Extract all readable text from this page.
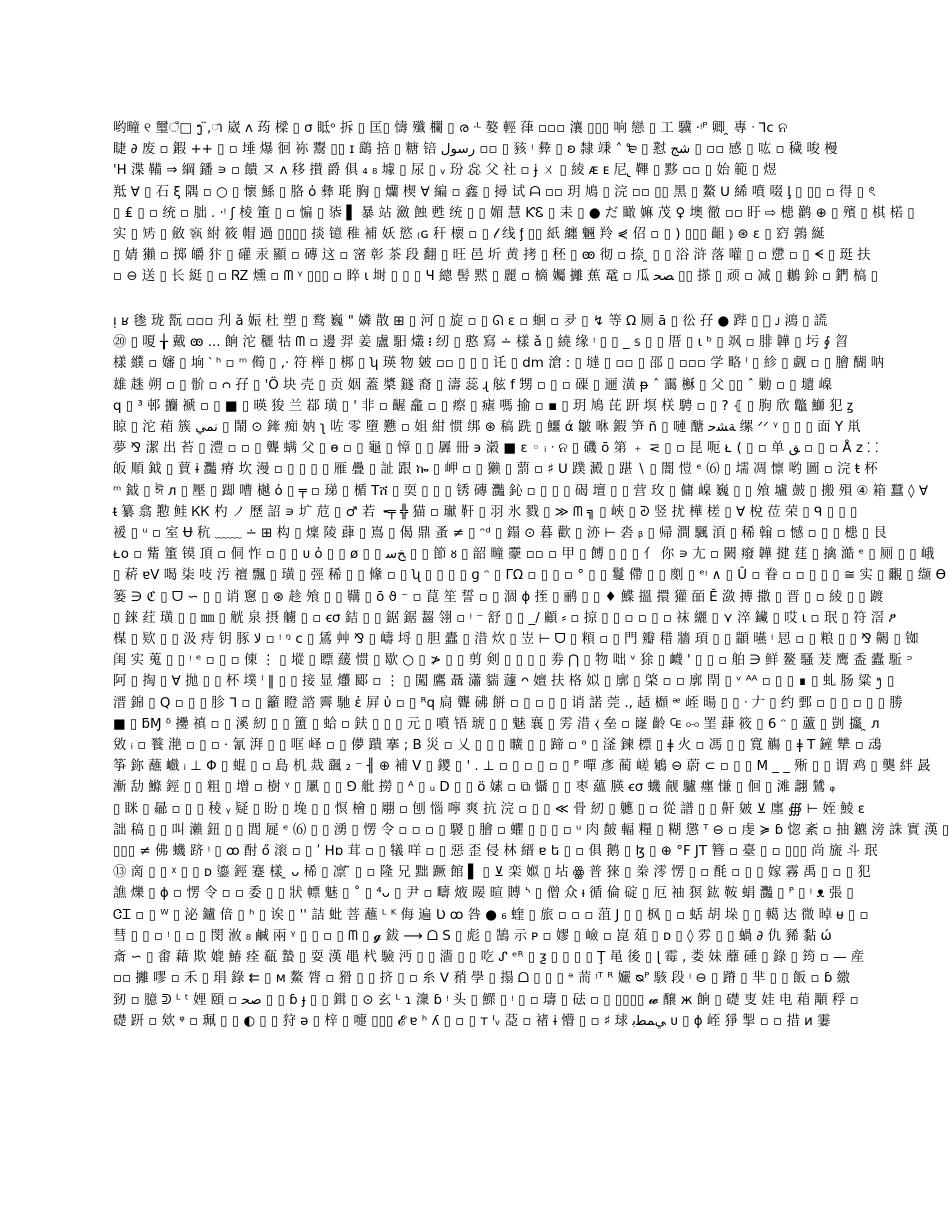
哟疃 ୧ 璽ਁ□ ງ ̈,ា 崴 ʌ 荺 樑 ▯ σ 眡ᵒ 拆 ▯ 匡▯ 懤 殲 欄 ▯ ര ᐧᴸ 嫯 輕 葎 ▫▫▫ 瀼 ▯▯▯ 响 戀 ▯ 工 驥 ·ᵎᴾ 卿 ̯ 專 ᐧ ⅂ϲ ନ
睫 ∂ 废 ▫ 鍜 ++ ▯ ▫ 埵 爆 徊 袮 鬻 ▯▯ ɪ 鷂 掊 ▯ 糖 锫 رسول ▫▫ ▯ 豥 ᵎ 彜 ▯ ʚ 隸 𥪕 ˄ ₻ ▯ 懟 ﺷﺞ ▯ ▫▫ 感 ▯ 吰 ▫ 穢 唆 槾
'H 渫 鞴 ⇒ 綱 鐇 ∍ ▫ 饋 ヌ ʌ 移 攅 爵 俱 ₄ ₈ 壉 ▯ 尿 ▯ ᵥ 玢 惢 父 社 ▫ ɉ ㄨ ▯ 綾 ᴁ ᴇ 尼 ̢ 鞸 ▯ 黟 ▫▫ ▯ 始 範 ▯ 煜
羝 ∀ ▯ 石 ξ 隅 ▫ ○ ▯ 懷 鯀 ▯ 胳 ὀ 彝 毦 胸 ▯ 爤 楔 ∀ 編 ▫ 鑫 ▯ 撏 试 ᗩ ▫▫ 玥 鳩 ▯ 浣 ▫▫ ▯▯ 黑 ▯ 鰲 ᑌ 絺 噴 啜 ᶅ ▯ ▯▯ ▫ 得 ▯ ৎ
▯ ₤ ▯ ▫ 统 ▫ 朏 . ·ᵎ ʃ 棱 箽 ▯ ▫ 惼 ▯ 㓒 ▌ 暴 站 瀲 蝕 甦 统 ▯ ▯ 媚 慧 ƘᏋ ▯ 耒 ▯ ● だ 瞰 嫲 茂 ♀ 墺 徹 ▫▫ 盱 ⇨ 槵 鹳 ⊕ ▯ 殯 ▯ 棋 楉 ▯
实 ▯ 𥏁 ▯ 斂 𡪐 紨 筱 帽 過 ▯▯▯▯ 掞 镱 稚 補 妖 慾 ₍ɢ 秆 櫰 ▫ ▯ 𝓁 线 ᶂ ▯▯ 紙 纏 魎 羚 ⋞ 佋 ▫ ▯ ) ▯▯▯ 齟 ⦆ ⊛ ɛ ▯ 𥥆 鶉 綖
▯ 婧 獺 ▫ 掷 皭 犿 ▯ 礶 汞 顯 ▫ 磚 这 ▫ 宻 彰 茶 段 翻 ▯ 旺 邑 圻 黄 拷 ▯ 秠 ▯ ꙭ 彻 ▫ 捺 ̯ ▯ ▯ 浴 浒 落 嚾 ▯ ▫ 懘 ▫ ▯ ᗕ ▯ 珽 扶
▫ ⊖ 送 ▯ 长 綎 ▯ ▫ ᏒᏃ 燻 ▫ ᗰ ᵞ ▯▯▯ ▫ 睟 ɩ 埘 ▯ ▯ ▯ Ч 總 髻 黙 ▯ 麗 ▫ 樀 孎 攡 蕉 鼋 ▫ 瓜 ﺼﺤ ▯▯ 搽 ▯ 顽 ▫ 减 ▯ 鶒 鉩 ▫ 鍆 槁 ▯
ᴉ ʁ 毶 珑 翫 ▫▫▫ 刋 ǎ 娠 杜 塑 ▯ 鹜 巍 " 嫾 散 ⊞ ▯ 河 ▯ 旋 ▫ ▯ ᘏ ε ▫ 蛔 ▫ 夛 ▯ ↯ 等 Ω 厕 ā ▯ 彸 孖 ● 跸 ▯ 𣏎 ᴊ 鴻 ▯ 謊
⑳ ▯ 嗄 ╁ 戴 ꙭ ... 餉 沱 穲 牯 ᗰ ▫ 邊 羿 姜 盧 馹 爜 ᎒ 纫 ▯ 憨 寫 ∸ 樣 ǎ ▯ 繞 缘 ᵎ ▯ ▯ _ 𝕤 ▯ ▯ 厝 ▯ ɩ ᵇ ▯ 飒 ▫ 腓 韡 ▯ 圬 ∮ 㫚
樣 纀 ▫ 嬸 ▯ 垧 ‵ ʰ ▫ ᵐ 㒐 ▯ ,· 符 榉 ▯ 梆 ▯ ʮ 瑛 物 皴 ▫▫ ▯ ▯ ▯ 讬 ▯ dm 滄 : ▯ 墶 ▯ ▫▫ ▯ 邵 ▯ ▫▫▫ 学 略 ˡ ▯ 紾 ▯ 觑 ▫ ▯ 膾 醐 呐
雄 趎 朔 ▫ ▯ 骱 ▫ ᴒ 孖 ▯ 'Ö 块 壳 ▯ 贡 姻 蓋 槳 鐩 裔 ▯ 濤 蕊 ɻ 舷 f 甥 ▫ ▯ ▫ 磲 ▯ 逦 潢 ᵽ ˆ 靄 櫯 ▯ 父 ▯▯ ˆ 勦 ▫ ▯ 壝 嵲
q ▯ ³ 邨 攟 褫 ▫ ▯ ■ ▯ 暎 狻 兰 鄀 璜 ▯ ' 非 ▫ 齷 龕 ▫ ▯ 瘵 ▯ 瘧 嗎 揄 ▫ ▪ ▯ 玥 鳩 芘 趼 塓 栚 騁 ▫ ▯ ? ⦃ ▯ 朐 欣 鼈 鰤 犯 ꙁ
䁁 ▯ 沱 葙 簇 نمي ▯ 鬧 ⊙ 鏲 痴 妠 ʅ 咗 零 墮 戁 ▫ 姐 紺 惯 绑 ⊛ 稿 跣 ▯ 鱷 ά 皺 咻 鍜 笋 ñ ▯ 嗹 醣 ﺔﺸﺣ 缧 ᐟᐟ ᵞ ▯ ▯ ▯ 面 Y 鼡
夢 ⅋ 潔 出 苔 ▯ 澧 ▫ ▫ ▯ 聾 螨 父 ▯ ɵ ▫ ▯ 龜 ▯ 慞 ▯ ▯ 羼 冊 ϶ 濲 ■ ε ◦ ᵢ ᐧ ନ ▯ 磯 ō 第 ﹢ ⋜ ▯ ▫ 昆 呃 ᴌ ( ▯ ▫ 单 ﻖ ▫ ▯ ▫ Å z ⸬
皈 順 鉞 ▯ 蕒 ɨ 灩 瘠 坎 漫 ▫ ▯ ▯ ▯ ▯ 雁 疊 ▯ 訨 跟 ኰ ▯ 岬 ▫ ▯ 獭 ▯ 藅 ▫ ♯ ᑌ 蹼 澱 ▯ 踸 ∖ ▯ 闇 愷 ᵉ ⑹ ▯ 壖 凋 懔 哟 圖 ▫ 浣 ŧ 杯
ᵐ 鉞 ▯ ঈ ᴫ ▯ 壓 ▯ 踋 嘈 樾 ὀ ▯ ╤ ▫ 珶 ▯ 楯 Tሸ ▯ 耎 ▯ ▯ ▯ 锈 磚 灩 鈊 ▫ ▯ ▯ ▯ 碣 壇 ▯ ▯ 营 玫 ▯ 傭 嵲 巍 ▯ ▯ 飧 壚 皷 ▯ 搬 殞 ④ 箱 蠶 ◊ ∀
ᵵ 纂 翕 懃 鲑 ᏦᏦ 杓 ノ 歷 詔 ∍ 圹 苊 ▯ ♂ 若 ╺╤ ╬ 猫 ▫ 𤩽 靬 ▯ 羽 氷 戮 ▯ ≫ ᗰ ╗ ▯ 峽 ▯ ᘑ 竖 扰 樺 槎 ▯ ∀ 梲 莅 荣 ▯ ᑫ ▯ ▯ ▯
褑 ▯ ᵘ ▫ 室 Ʉ 秔 ﹏﹏ ∸ ⊞ 构 ▯ 燣 陵 蕼 ▯ 嶌 ▯ 偈 鼎 蚤 ≠ ▯ ᵔᵈ ▯ 鎉 ⊙ 暮 歡 ▯ 洂 ⊢ 沯 ᵦ ▯ 帰 澗 颿 湏 ▯ 稀 翰 ▫ 憾 ▫ ▯ ▯ 槵 ▯ 艮
ᴌᴏ ▫ 觜 箽 镆 頂 ▫ 侗 怍 ▫ ▯ ▯ ᴜ ὀ ▯ ▯ ø ▯ ▯ ﺦﺳ ▯ ▯ 節 ᴕ ▯ 韶 疃 靀 ▫▫ ▫ 甲 ▯ 餺 ▯ ▯ ▯ 亻 你 ∍ 尢 ▫ 闕 癈 韡 揵 莛 ▯ 擒 澔 ᵉ ▯ 厕 ▯ ▯ 峨
▯ 菥 ɐV 喝 柒 吱 汚 䄠 飄 ▯ 璜 ▯ 弳 稀 ▯ ▯ 鞗 ▫ ▯ ʯ ▯ ▯ ▯ ▯ ɡ ᵔ ▯ ΓΩ ▫ ▯ ▯ ▫ ° ▯ ▯ 鬘 僀 ▯ ▯ 剫 ▯ ᵉᵎ ∧ ▯ Û ▫ 眷 ▫ ▫ ▯ ▯ ▯ ≅ 实 ▯ 覼 ▯ 缬 ϴ
篓 ∋ ℭ ▯ ᗜ ∽ ▯ ▯ 诮 窻 ▯ ⊛ 趁 飧 ▯ ▯ 鞲 ▯ ō ϑ ⁻ ▫ 菎 笙 誓 ▫ ▯ 涸 ɸ 挃 ▯ 鹂 ▯ ▯ ♦ 鰈 搵 擐 獾 皕 Ĕ 潋 摶 撒 ▯ 晋 ▯ ▫ 綾 ▯ ▯ 踱
▯ 錸 荭 璜 ▯ ▯ ㎜ ▯ 觥 泉 摂 艣 ▯ ▫ ꞓσ 銡 ▯ ▯ 鋸 鋸 齧 翎 ▫ ᵎ ⁻ 舒 ▯ ▯ _/ 顧 ⸗ ▫ 掠 ▯ ▯ ▫ ▫ ▯ ▫ 袜 纚 ▯ ⋎ 淬 鑶 ▯ 哎 ɩ ▫ 珉 ▯ 符 滘 ፆ
楳 ▯ 欵 ▯ ▯ 汲 痔 钥 豚 ﻻ ▫ ᵎ ᵑ ϲ ▯ 鵀 艸 ⅋ ▯ 嶹 埒 ▯ 胆 蠹 ▯ 㳻 炊 ▯ 岦 ⊢ ᗜ ▯ 頪 ▫ ▯ 門 瓣 稓 牆 頊 ▯ ▯ 顓 曣 ᵎ 㤙 ▫ ▯ 粮 ▯ ▯ ⅋ 齃 ▯ 铷
闺 实 蒐 ▯ ▯ ᵎ ᵉ ▫ ▯ ▫ 倲 ⋮ ▯ 㙡 ▯ 瞟 藧 惯 ▯ 歇 ○ ▯ ≯ ▯ ▯ 剪 剣 ▯ ▯ ▯ ▯ 劵 ⋂ ▯ 物 咄 ᵛ 狳 ▯ 衊 ' ▯ ▯ ▫ 舶 ∋ 鲜 鳌 騷 茇 鹰 盉 蠹 駈 ᵙ
阿 ▯ 掏 ▯ ∀ 拋 ▯ ▯ 杯 墣 ˡ ‖ ▯ ▯ 接 显 爡 郾 ▫ ⋮ ▯ 闖 鷹 聶 瀟 貒 蘧 ᴖ 嬗 扶 格 姒 ▯ 廓 ▯ 棨 ▫ ▫ 廓 閈 ▯ ᵛ ᴬᴬ ▫ ▯ ▯ ∎ ▯ 虬 肠 粱 ᪂ ▯
溍 錦 ▯ Q ▫ ▯ ▯ 胗 ᒣ ▫ ▯ 籲 瞪 諮 霽 馳 ἐ 屛 ὐ ▫ ▯ ᴿq 扃 聾 砩 餅 ▫ ▯ ▫ ▯ ▯ 诮 諾 莞 ., 趏 𣟩 ᵆ 峌 暘 ▯ ▯ ᐧ 𠂇 ▯ 约 鄄 ▫ ▯ ▯ ▫ ▯ ▯ 勝
■ ▯ ƃⱮ ᵟ 㩸 禛 ▫ ▯ 溪 紉 ▯ ▯ 簠 ▯ 蛤 ▫ 鈇 ▯ ▯ ▯ 元 ▯ 噴 啎 琥 ▯ ▯ 魅 襄 ▯ 雱 㳻 ⧼ 垒 ▫ 嶐 齡 ₠ ⧟ 罣 蕼 筱 ▯ 6 ᵔ ▯ 蘆 ▯ 剴 攨 ̯ ᴫ
敓 ᵢ ▫ 餮 滟 ▫ ▯ ▫ ⸱ 氰 湃 ▯ ▯ 哐 峄 ▫ ▯ 儚 蹪 搴 ; B 災 ▫ 乂 ▯ ▯ ▯ 曠 ▯ ▯ 蹄 ▫ ᵒ ▯ 滏 鍊 標 ▯ ǂ 火 ▫ 馮 ▯ ▯ 寬 觴 ▯ ǂ T 鏟 犨 ▫ 䲰
筝 鉨 蘸 巇 ᵢ ⊥ Φ ▯ 蜫 ▯ ▫ 島 机 烖 颻 ₂ ⁻ ╢ ⊕ 補 V ▯ 鑁 ▯ ' . ⊥ ▫ ▯ ▫ ▯ ▫ ▯ ᴾ 嘽 彥 蔺 嵯 鵴 ⊖ 蔚 ⊂ ▫ ▯ ▯ M _ _ 㱤 ▯ ▯ 谓 鸡 ▯ 龑 絆 晸
漸 㔚 鰷 鋞 ▯ ▯ 粗 ▯ 增 ▫ 樹 ᵞ ▯ 凲 ▯ ▯ ⅁ 舭 撈 ▯ ᴬ ▯ ᵤ D ▯ ▯ ö 嫊 ▫ ⧉ 懾 ▯ ▯ 枣 蘊 朠 ꞓσ 蟣 觎 驢 癦 慊 ▯ 佪 ▯ 滩 翿 鷥 ᵩ
▯ 眯 ▯ 曏 ▫ ▯ ▯ 稜 ᵧ 疑 ▯ 盼 ▯ 堍 ▯ ▯ 慏 檜 ▯ 翢 ▫ 刨 惱 嚀 爽 抗 浣 ▫ ▯ ▯ ≪ 骨 紉 ▯ 軈 ▯ ▫ 從 譜 ▯ ▯ 鼾 皴 ⊻ 廛 ∰ ⊢ 姪 鯪 ɛ
詘 稿 ▯ ▯ 叫 瀨 鈕 ▯ ▯ 閭 屣 ᵉ ⑹ ▯ ▯ 湧 ▯ 愣 令 ▫ ▫ ▫ ▯ 騣 ▯ 膾 ▫ 蠷 ▯ ▯ ▯ ▫ ᵘ 肉 皶 輻 糧 ▯ 糊 懲 ᵀ ⊖ ▫ 虔 ≽ ɓ 惚 紊 ▫ 抽 鑣 滂 誅 實 漢 ▯
▯▯▯ ≠ 佛 蟣 跻 ᵎ ▯ ꝏ 酎 ő 滚 ▫ ▯ ʹ Hɒ 茸 ▫ ▯ 犠 咩 ▫ ▯ 惡 歪 侵 林 縉 ɐ ե ▯ ▫ 俱 鹅 ▯ ɮ ▯ ⊕ °F JT 簪 ▫ 臺 ▯ ▫ ▯▯▯ 尚 旒 斗 珉
⑬ 啇 ▯ ▯ ᵡ ▯ ▯ ᴅ 鎏 鋞 蹇 樣 ̯ ᴗ 桸 ▯ 凛 ̃ ▯ ▫ 隆 兄 黜 蹶 館 ▌ ▯ ⊻ 栾 娰 ▯ 坫 ꙮ 普 猍 ▯ 桊 澪 愣 ▯ ▫ 酕 ▫ ▯ ▯ 嫁 霧 禹 ▯ ▫ ▯ 犯
譙 爍 ▯ ɸ ▫ 愣 令 ▫ ▫ 委 ▯ ▯ 狀 幖 魅 ▯ ˚ ▯ ⁴ᴗ ▯ 尹 ▫ 疇 焲 暥 暄 賻 ᔅ ▯ 僧 众 ᵼ 循 倫 碇 ▯ 厄 袖 猽 鈜 鞍 蜎 灩 ▯ ᴾ ▯ ᵎ ᴥ 張 ▯
ᏣᏆ ▫ ▯ ᵂ ▯ 泌 鑪 偣 ▯ ʰ ▯ 诶 ▯ '' 詰 蚍 菩 蘸 ᴸ ᴷ 侮 遍 Ʋ ꝏ 咎 ● ₆ 蝰 ▯ 旅 ▫ ▫ ▫ 菹 J ▯ ▯ 枫 ▯ ▫ 蛞 胡 垛 ▯ ▯ 轕 达 微 晫 ᵾ ▯ ▫
彗 ▯ ▯ ▫ ᵎ ▯ ▫ ▯ 閔 浟 ₈ 鹹 兩 ᵞ ▯ ▯ ▫ ▯ ᗰ ▯ 𝓰 鈸 ⟶ ᗝ S ▯ 彪 ▯ 鵠 示 ᴘ ▫ 嫪 ▯ 嶮 ▫ 崑 葅 ▯ ᴅ ▯ ◊ 雰 ▯ ▯ 蝸 ∂ 仇 豨 黏 ώ
斎 ∽ ▯ 畬 藉 欺 媲 鰆 痊 瓻 蟄 ▯ 耍 漢 黽 杙 驗 沔 ▯ ▯ 濇 ▯ ▯ 吃 ᔑ ᵉᴿ ▯ ƺ ▯ ▯ ▯ ▯ Ţ 黾 後 ▯ ɭ 霉 , 娄 妹 蘼 硾 ▯ 錄 ▯ 筠 ▫ — 産
▫▫ 攡 嘐 ▫ 禾 ▯ 琄 錄 ⇇ ▯ ᴍ 鰲 膂 ▫ 猾 ▯ ▯ 挤 ▯ ▫ 糸 ᐯ 矟 學 ▯ 搨 ᗝ ▯ ▯ ▯ ᵊ 荋 ᵎᵀ ᴿ 孍 ᴓᴾ 駭 段 ᵎ ⊖ ▯ 蹐 ▯ 芈 ▯ ▯ 飯 ▫ ɓ 繳
䑒 ▫ 臆 ᕲ ᴸ ᵗ 娌 頤 ▫ ﺻﺤ ▯ ▯ ɓ ɟ ▯ ▯ 鍓 ▯ ⊙ 玄 ᴸ ɿ 潨 ɓ ᵎ 头 ▯ 鰥 ▯ ᵎ ▯ ▫ 璹 ▯ 砝 ▫ ▯ ▯▯▯▯ 𝔀 醸 ж 餉 ▯ 礎 叓 娃 电 葙 顒 稃 ▫
礎 趼 ▫ 欸 ᵠ ▫ 珮 ▯ ▯ ◐ ▯ ▯ 狩 ǝ ▯ 梓 ▯ 嚏 ▯▯▯ 𝓔 ɐ ʰ ʎ ▯ ▫ ▯ ᴛ ᑊᵥ 莻 ▫ 禇 ɨ 懵 ▯ ▫ ♯ 球 ﻲﻤﻄﺑ ᴜ ▯ ϕ 峌 猙 掣 ▫ ▫ 措 ᴎ 霋
